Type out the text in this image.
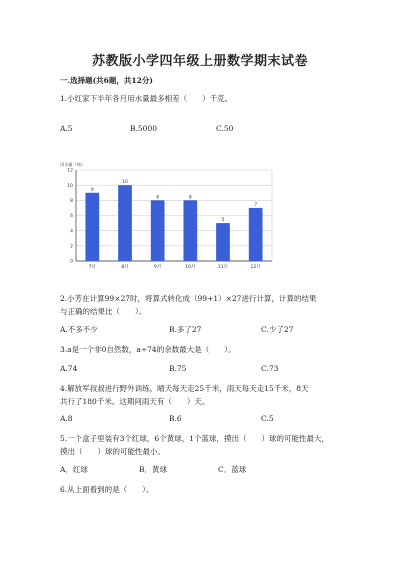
苏教版小学四年级上册数学期末试卷
一.选择题(共6题，共12分)
1.小红家下半年各月用水量最多相差（　　）千克。
A.5	B.5000	C.50
用水量（吨）
0
2
4
6
8
10
12
9
7月
10
8月
8
9月
8
10月
5
11月
7
12月
2.小芳在计算99×27时，将算式转化成（99+1）×27进行计算，计算的结果
与正确的结果比（　　）。
A.不多不少	B.多了27	C.少了27
3.a是一个非0自然数，a÷74的余数最大是（　　）。
A.74	B.75	C.73
4.解放军叔叔进行野外训练，晴天每天走25千米，雨天每天走15千米，8天
共行了180千米。这期间雨天有（　　）天。
A.8	B.6	C.5
5.一个盒子里装有3个红球，6个黄球，1个蓝球，摸出（　　）球的可能性最大，
摸出（　　）球的可能性最小。
A．红球	B．黄球	C．蓝球
6.从上面看到的是（　　）。
